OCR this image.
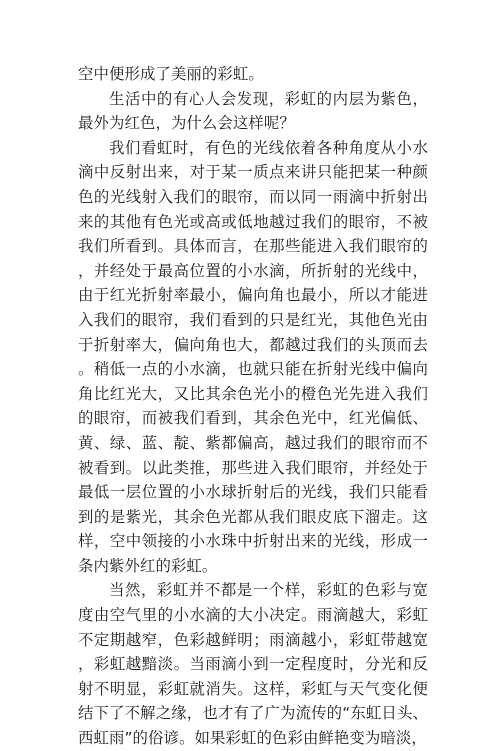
空中便形成了美丽的彩虹。

生活中的有心人会发现，彩虹的内层为紫色，最外为红色，为什么会这样呢？

我们看虹时，有色的光线依着各种角度从小水滴中反射出来，对于某一质点来讲只能把某一种颜色的光线射入我们的眼帘，而以同一雨滴中折射出来的其他有色光或高或低地越过我们的眼帘，不被我们所看到。具体而言，在那些能进入我们眼帘的，并经处于最高位置的小水滴，所折射的光线中，由于红光折射率最小，偏向角也最小，所以才能进入我们的眼帘，我们看到的只是红光，其他色光由于折射率大，偏向角也大，都越过我们的头顶而去。稍低一点的小水滴，也就只能在折射光线中偏向角比红光大，又比其余色光小的橙色光先进入我们的眼帘，而被我们看到，其余色光中，红光偏低、黄、绿、蓝、靛、紫都偏高，越过我们的眼帘而不被看到。以此类推，那些进入我们眼帘，并经处于最低一层位置的小水球折射后的光线，我们只能看到的是紫光，其余色光都从我们眼皮底下溜走。这样，空中领接的小水珠中折射出来的光线，形成一条内紫外红的彩虹。

当然，彩虹并不都是一个样，彩虹的色彩与宽度由空气里的小水滴的大小决定。雨滴越大，彩虹不定期越窄，色彩越鲜明；雨滴越小，彩虹带越宽，彩虹越黯淡。当雨滴小到一定程度时，分光和反射不明显，彩虹就消失。这样，彩虹与天气变化便结下了不解之缘，也才有了广为流传的“东虹日头、西虹雨”的俗谚。如果彩虹的色彩由鲜艳变为暗淡，
